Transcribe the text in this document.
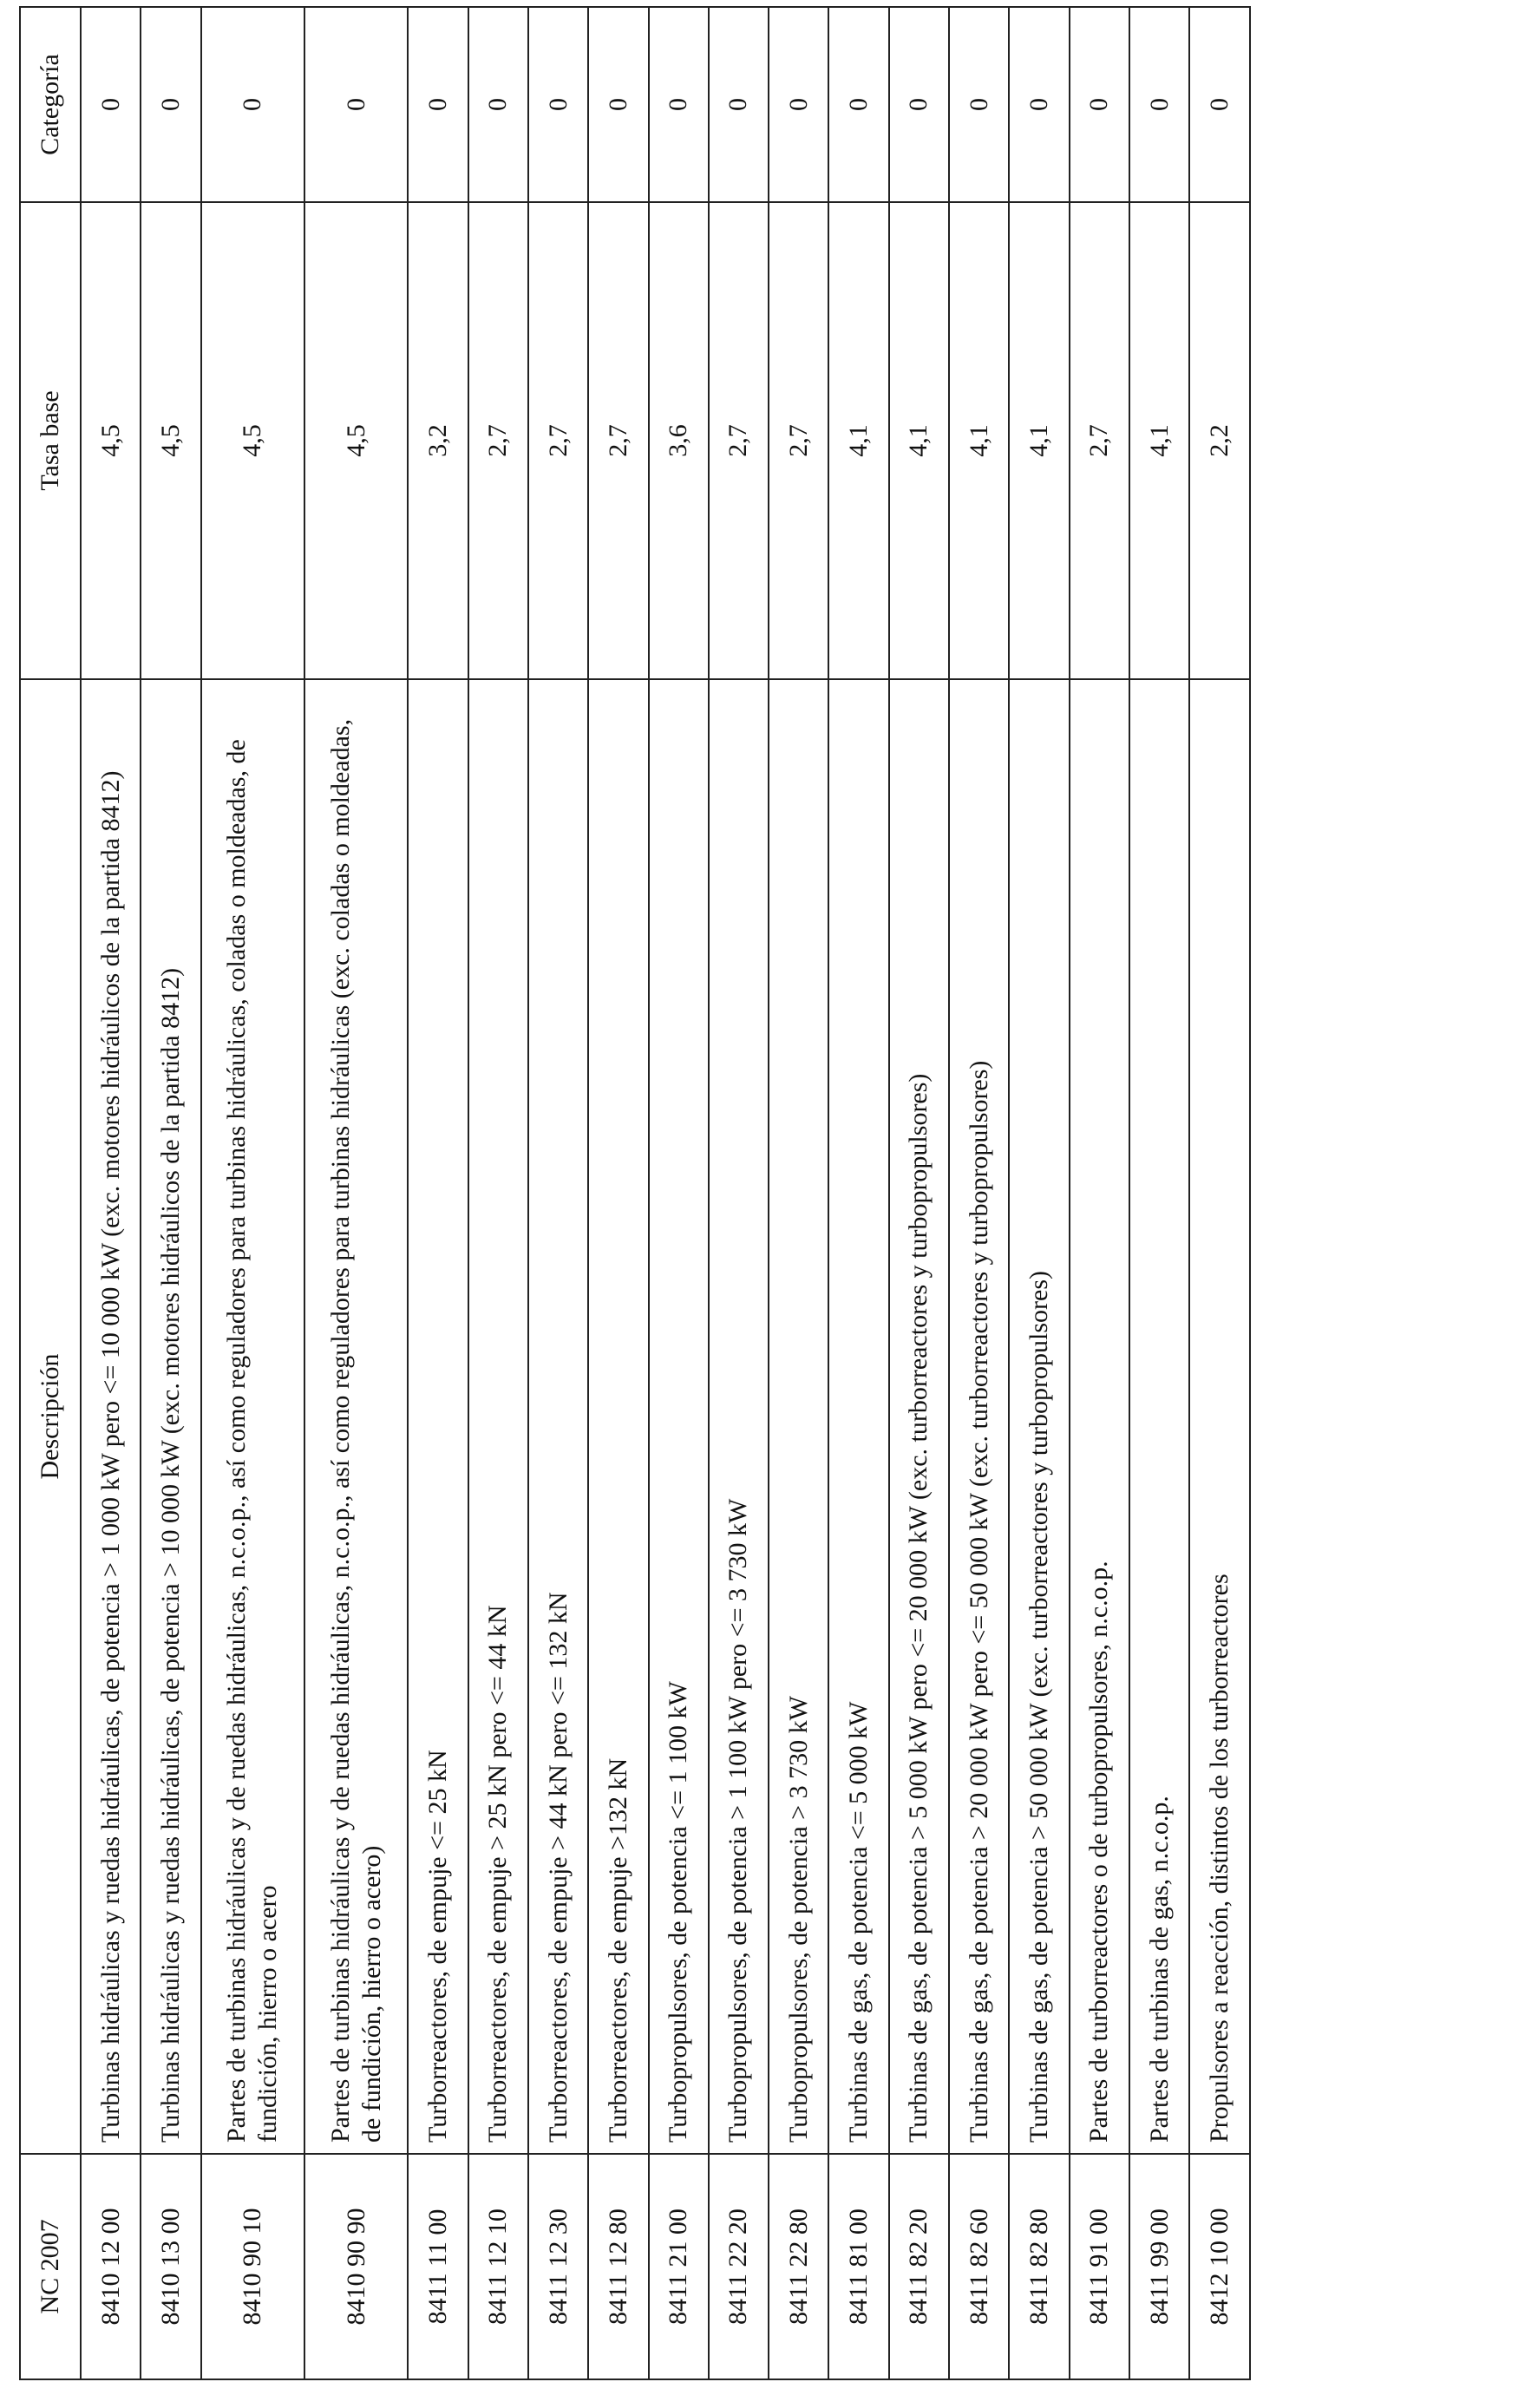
NC 2007	Descripción	Tasa base	Categoría
8410 12 00	Turbinas hidráulicas y ruedas hidráulicas, de potencia > 1 000 kW pero <= 10 000 kW (exc. motores hidráulicos de la partida 8412)	4,5	0
8410 13 00	Turbinas hidráulicas y ruedas hidráulicas, de potencia > 10 000 kW (exc. motores hidráulicos de la partida 8412)	4,5	0
8410 90 10	Partes de turbinas hidráulicas y de ruedas hidráulicas, n.c.o.p., así como reguladores para turbinas hidráulicas, coladas o moldeadas, de fundición, hierro o acero	4,5	0
8410 90 90	Partes de turbinas hidráulicas y de ruedas hidráulicas, n.c.o.p., así como reguladores para turbinas hidráulicas (exc. coladas o moldeadas, de fundición, hierro o acero)	4,5	0
8411 11 00	Turborreactores, de empuje <= 25 kN	3,2	0
8411 12 10	Turborreactores, de empuje > 25 kN pero <= 44 kN	2,7	0
8411 12 30	Turborreactores, de empuje > 44 kN pero <= 132 kN	2,7	0
8411 12 80	Turborreactores, de empuje >132 kN	2,7	0
8411 21 00	Turbopropulsores, de potencia <= 1 100 kW	3,6	0
8411 22 20	Turbopropulsores, de potencia > 1 100 kW pero <= 3 730 kW	2,7	0
8411 22 80	Turbopropulsores, de potencia > 3 730 kW	2,7	0
8411 81 00	Turbinas de gas, de potencia <= 5 000 kW	4,1	0
8411 82 20	Turbinas de gas, de potencia > 5 000 kW pero <= 20 000 kW (exc. turborreactores y turbopropulsores)	4,1	0
8411 82 60	Turbinas de gas, de potencia > 20 000 kW pero <= 50 000 kW (exc. turborreactores y turbopropulsores)	4,1	0
8411 82 80	Turbinas de gas, de potencia > 50 000 kW (exc. turborreactores y turbopropulsores)	4,1	0
8411 91 00	Partes de turborreactores o de turbopropulsores, n.c.o.p.	2,7	0
8411 99 00	Partes de turbinas de gas, n.c.o.p.	4,1	0
8412 10 00	Propulsores a reacción, distintos de los turborreactores	2,2	0
